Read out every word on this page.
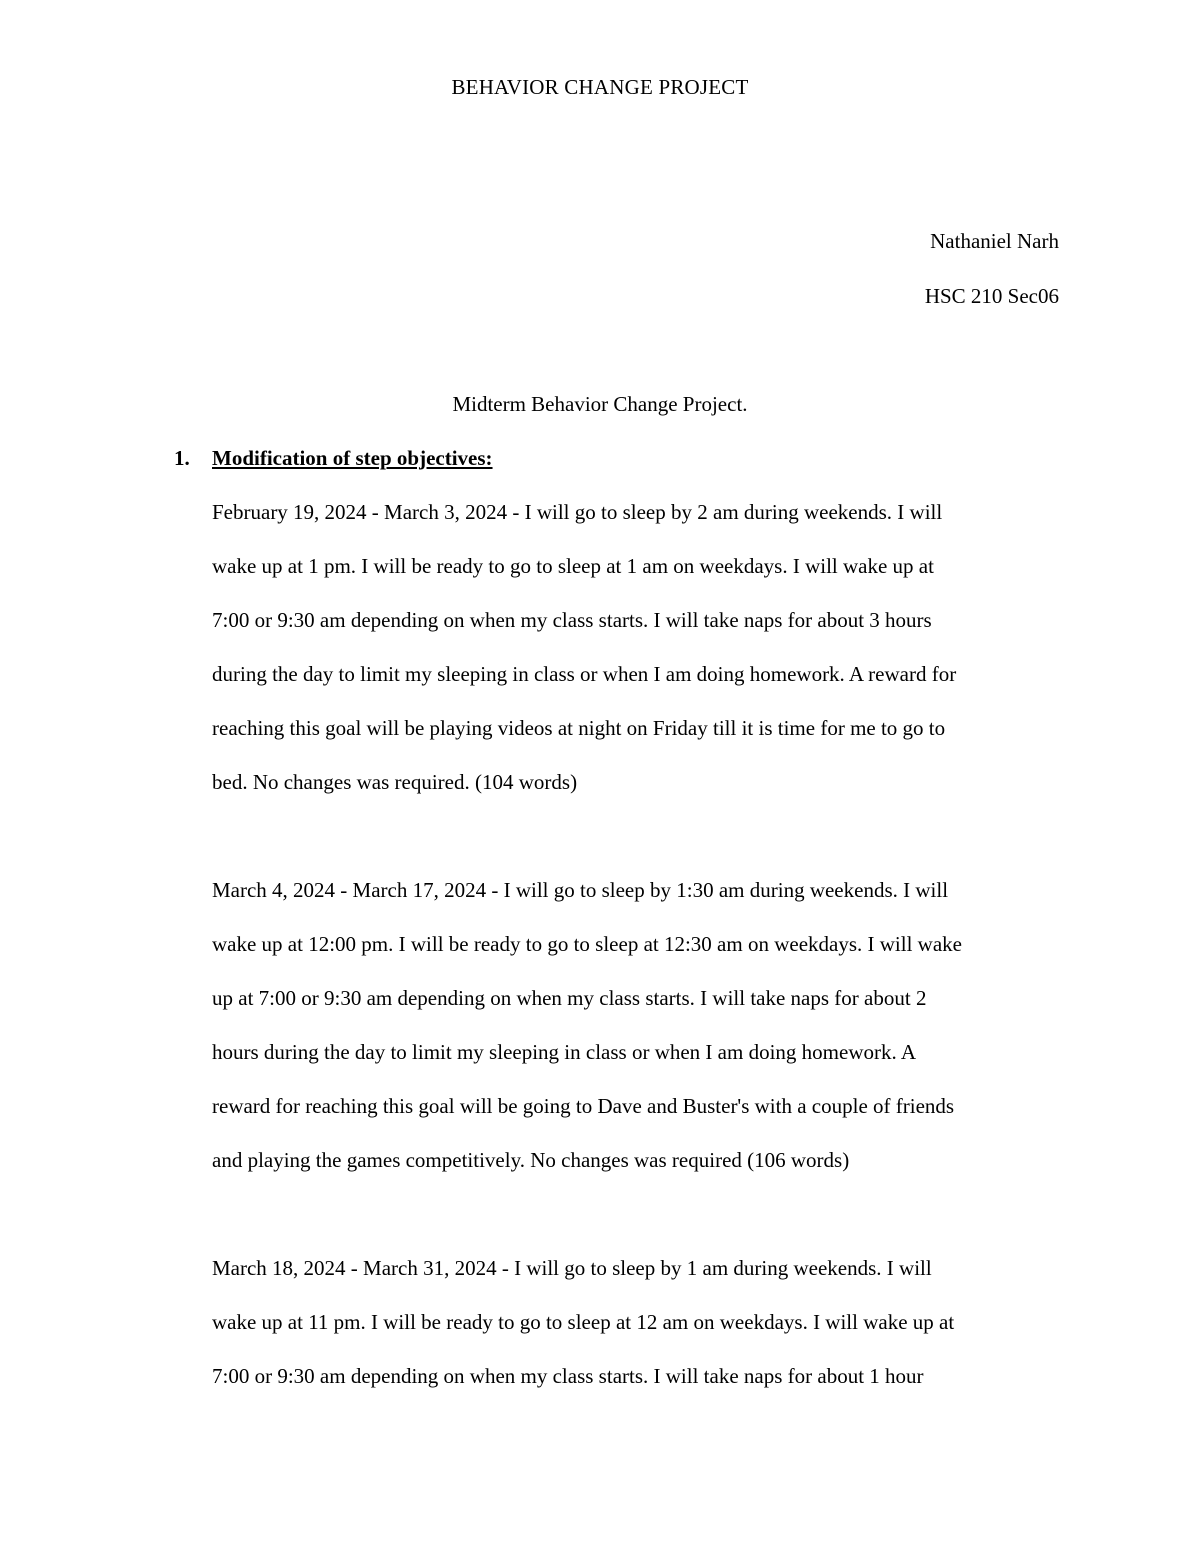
BEHAVIOR CHANGE PROJECT
Nathaniel Narh
HSC 210 Sec06
Midterm Behavior Change Project.
1. Modification of step objectives:
February 19, 2024 - March 3, 2024 - I will go to sleep by 2 am during weekends. I will
wake up at 1 pm. I will be ready to go to sleep at 1 am on weekdays. I will wake up at
7:00 or 9:30 am depending on when my class starts. I will take naps for about 3 hours
during the day to limit my sleeping in class or when I am doing homework. A reward for
reaching this goal will be playing videos at night on Friday till it is time for me to go to
bed. No changes was required. (104 words)
March 4, 2024 - March 17, 2024 - I will go to sleep by 1:30 am during weekends. I will
wake up at 12:00 pm. I will be ready to go to sleep at 12:30 am on weekdays. I will wake
up at 7:00 or 9:30 am depending on when my class starts. I will take naps for about 2
hours during the day to limit my sleeping in class or when I am doing homework. A
reward for reaching this goal will be going to Dave and Buster's with a couple of friends
and playing the games competitively. No changes was required (106 words)
March 18, 2024 - March 31, 2024 - I will go to sleep by 1 am during weekends. I will
wake up at 11 pm. I will be ready to go to sleep at 12 am on weekdays. I will wake up at
7:00 or 9:30 am depending on when my class starts. I will take naps for about 1 hour
